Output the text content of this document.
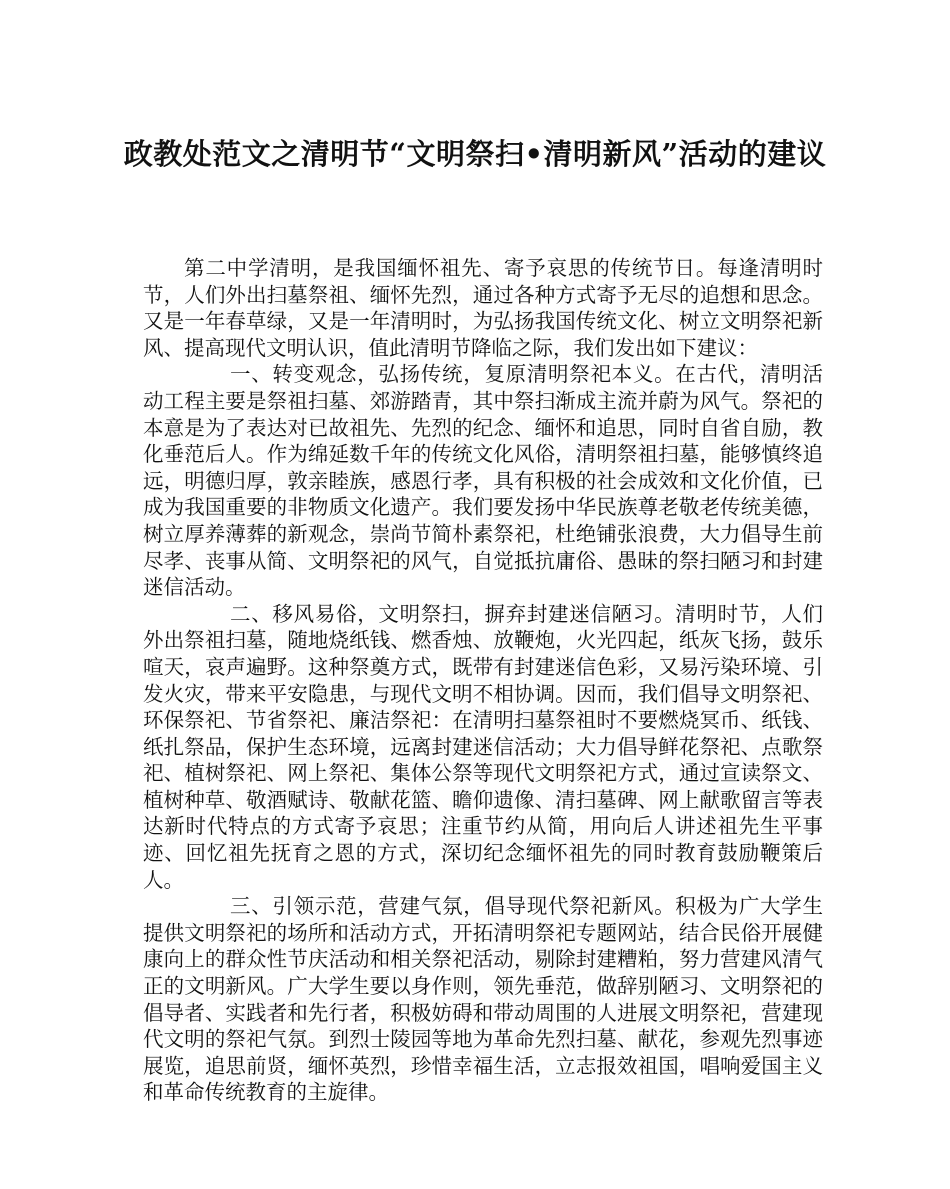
政教处范文之清明节“文明祭扫•清明新风”活动的建议

第二中学清明，是我国缅怀祖先、寄予哀思的传统节日。每逢清明时节，人们外出扫墓祭祖、缅怀先烈，通过各种方式寄予无尽的追想和思念。又是一年春草绿，又是一年清明时，为弘扬我国传统文化、树立文明祭祀新风、提高现代文明认识，值此清明节降临之际，我们发出如下建议：

一、转变观念，弘扬传统，复原清明祭祀本义。在古代，清明活动工程主要是祭祖扫墓、郊游踏青，其中祭扫渐成主流并蔚为风气。祭祀的本意是为了表达对已故祖先、先烈的纪念、缅怀和追思，同时自省自励，教化垂范后人。作为绵延数千年的传统文化风俗，清明祭祖扫墓，能够慎终追远，明德归厚，敦亲睦族，感恩行孝，具有积极的社会成效和文化价值，已成为我国重要的非物质文化遗产。我们要发扬中华民族尊老敬老传统美德，树立厚养薄葬的新观念，崇尚节简朴素祭祀，杜绝铺张浪费，大力倡导生前尽孝、丧事从简、文明祭祀的风气，自觉抵抗庸俗、愚昧的祭扫陋习和封建迷信活动。

二、移风易俗，文明祭扫，摒弃封建迷信陋习。清明时节，人们外出祭祖扫墓，随地烧纸钱、燃香烛、放鞭炮，火光四起，纸灰飞扬，鼓乐喧天，哀声遍野。这种祭奠方式，既带有封建迷信色彩，又易污染环境、引发火灾，带来平安隐患，与现代文明不相协调。因而，我们倡导文明祭祀、环保祭祀、节省祭祀、廉洁祭祀：在清明扫墓祭祖时不要燃烧冥币、纸钱、纸扎祭品，保护生态环境，远离封建迷信活动；大力倡导鲜花祭祀、点歌祭祀、植树祭祀、网上祭祀、集体公祭等现代文明祭祀方式，通过宣读祭文、植树种草、敬酒赋诗、敬献花篮、瞻仰遗像、清扫墓碑、网上献歌留言等表达新时代特点的方式寄予哀思；注重节约从简，用向后人讲述祖先生平事迹、回忆祖先抚育之恩的方式，深切纪念缅怀祖先的同时教育鼓励鞭策后人。

三、引领示范，营建气氛，倡导现代祭祀新风。积极为广大学生提供文明祭祀的场所和活动方式，开拓清明祭祀专题网站，结合民俗开展健康向上的群众性节庆活动和相关祭祀活动，剔除封建糟粕，努力营建风清气正的文明新风。广大学生要以身作则，领先垂范，做辞别陋习、文明祭祀的倡导者、实践者和先行者，积极妨碍和带动周围的人进展文明祭祀，营建现代文明的祭祀气氛。到烈士陵园等地为革命先烈扫墓、献花，参观先烈事迹展览，追思前贤，缅怀英烈，珍惜幸福生活，立志报效祖国，唱响爱国主义和革命传统教育的主旋律。
